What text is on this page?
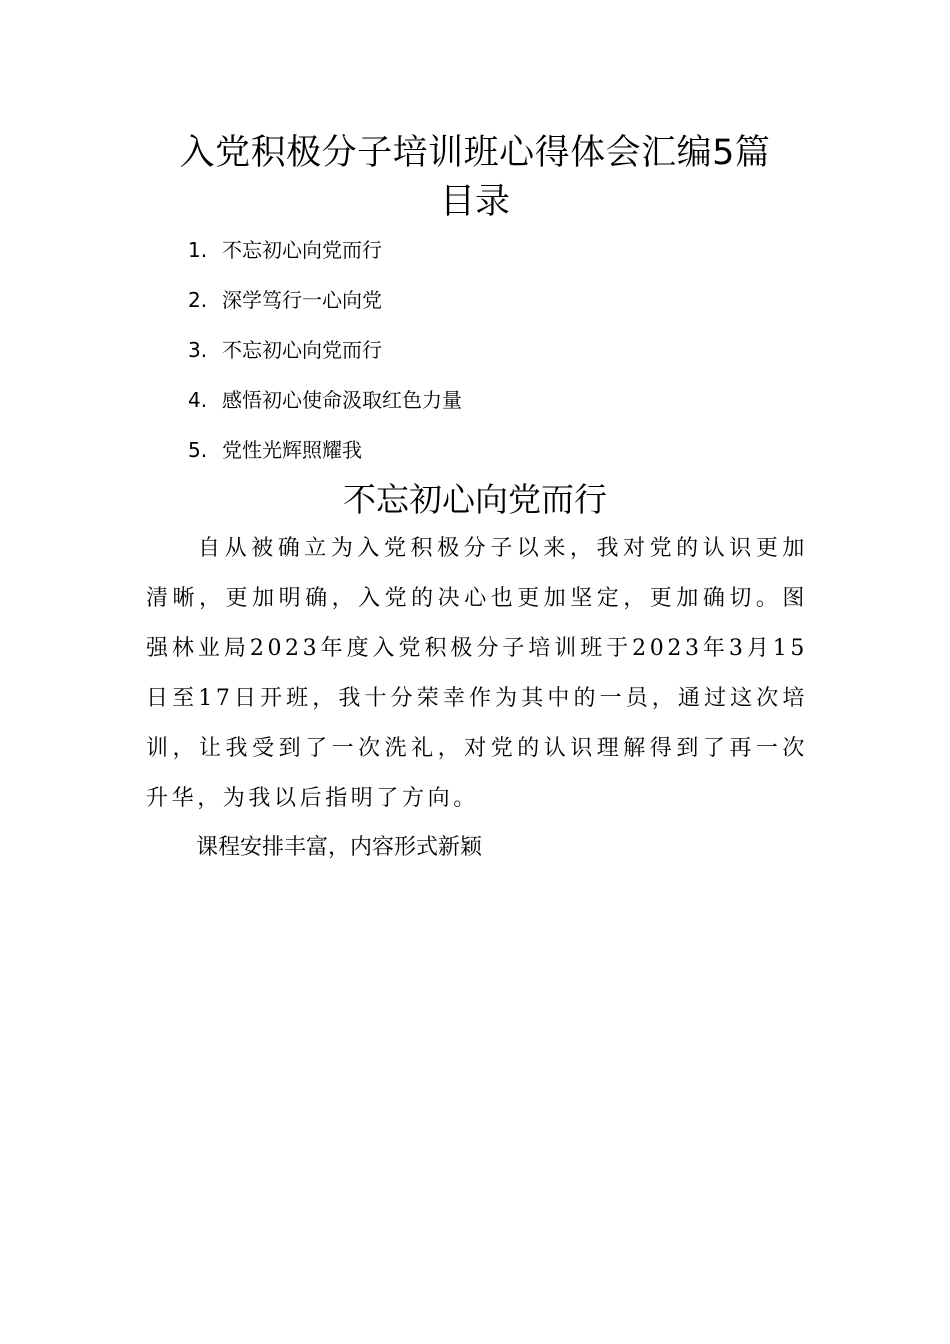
入党积极分子培训班心得体会汇编5篇
目录
1. 不忘初心向党而行
2. 深学笃行一心向党
3. 不忘初心向党而行
4. 感悟初心使命汲取红色力量
5. 党性光辉照耀我
不忘初心向党而行

自从被确立为入党积极分子以来，我对党的认识更加清晰，更加明确，入党的决心也更加坚定，更加确切。图强林业局2023年度入党积极分子培训班于2023年3月15日至17日开班，我十分荣幸作为其中的一员，通过这次培训，让我受到了一次洗礼，对党的认识理解得到了再一次升华，为我以后指明了方向。

课程安排丰富，内容形式新颖
